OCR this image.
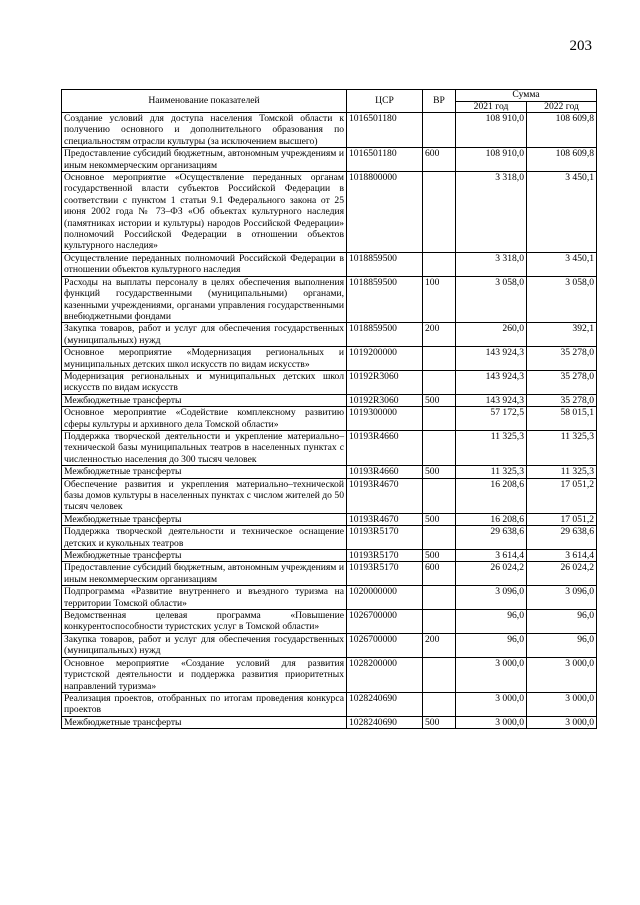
203
Наименование показателей	ЦСР	ВР	Сумма	
			2021 год	2022 год
Создание условий для доступа населения Томской области к получению основного и дополнительного образования по специальностям отрасли культуры (за исключением высшего)	1016501180		108 910,0	108 609,8
Предоставление субсидий бюджетным, автономным учреждениям и иным некоммерческим организациям	1016501180	600	108 910,0	108 609,8
Основное мероприятие «Осуществление переданных органам государственной власти субъектов Российской Федерации в соответствии с пунктом 1 статьи 9.1 Федерального закона от 25 июня 2002 года № 73–ФЗ «Об объектах культурного наследия (памятниках истории и культуры) народов Российской Федерации» полномочий Российской Федерации в отношении объектов культурного наследия»	1018800000		3 318,0	3 450,1
Осуществление переданных полномочий Российской Федерации в отношении объектов культурного наследия	1018859500		3 318,0	3 450,1
Расходы на выплаты персоналу в целях обеспечения выполнения функций государственными (муниципальными) органами, казенными учреждениями, органами управления государственными внебюджетными фондами	1018859500	100	3 058,0	3 058,0
Закупка товаров, работ и услуг для обеспечения государственных (муниципальных) нужд	1018859500	200	260,0	392,1
Основное мероприятие «Модернизация региональных и муниципальных детских школ искусств по видам искусств»	1019200000		143 924,3	35 278,0
Модернизация региональных и муниципальных детских школ искусств по видам искусств	10192R3060		143 924,3	35 278,0
Межбюджетные трансферты	10192R3060	500	143 924,3	35 278,0
Основное мероприятие «Содействие комплексному развитию сферы культуры и архивного дела Томской области»	1019300000		57 172,5	58 015,1
Поддержка творческой деятельности и укрепление материально–технической базы муниципальных театров в населенных пунктах с численностью населения до 300 тысяч человек	10193R4660		11 325,3	11 325,3
Межбюджетные трансферты	10193R4660	500	11 325,3	11 325,3
Обеспечение развития и укрепления материально–технической базы домов культуры в населенных пунктах с числом жителей до 50 тысяч человек	10193R4670		16 208,6	17 051,2
Межбюджетные трансферты	10193R4670	500	16 208,6	17 051,2
Поддержка творческой деятельности и техническое оснащение детских и кукольных театров	10193R5170		29 638,6	29 638,6
Межбюджетные трансферты	10193R5170	500	3 614,4	3 614,4
Предоставление субсидий бюджетным, автономным учреждениям и иным некоммерческим организациям	10193R5170	600	26 024,2	26 024,2
Подпрограмма «Развитие внутреннего и въездного туризма на территории Томской области»	1020000000		3 096,0	3 096,0
Ведомственная целевая программа «Повышение конкурентоспособности туристских услуг в Томской области»	1026700000		96,0	96,0
Закупка товаров, работ и услуг для обеспечения государственных (муниципальных) нужд	1026700000	200	96,0	96,0
Основное мероприятие «Создание условий для развития туристской деятельности и поддержка развития приоритетных направлений туризма»	1028200000		3 000,0	3 000,0
Реализация проектов, отобранных по итогам проведения конкурса проектов	1028240690		3 000,0	3 000,0
Межбюджетные трансферты	1028240690	500	3 000,0	3 000,0
